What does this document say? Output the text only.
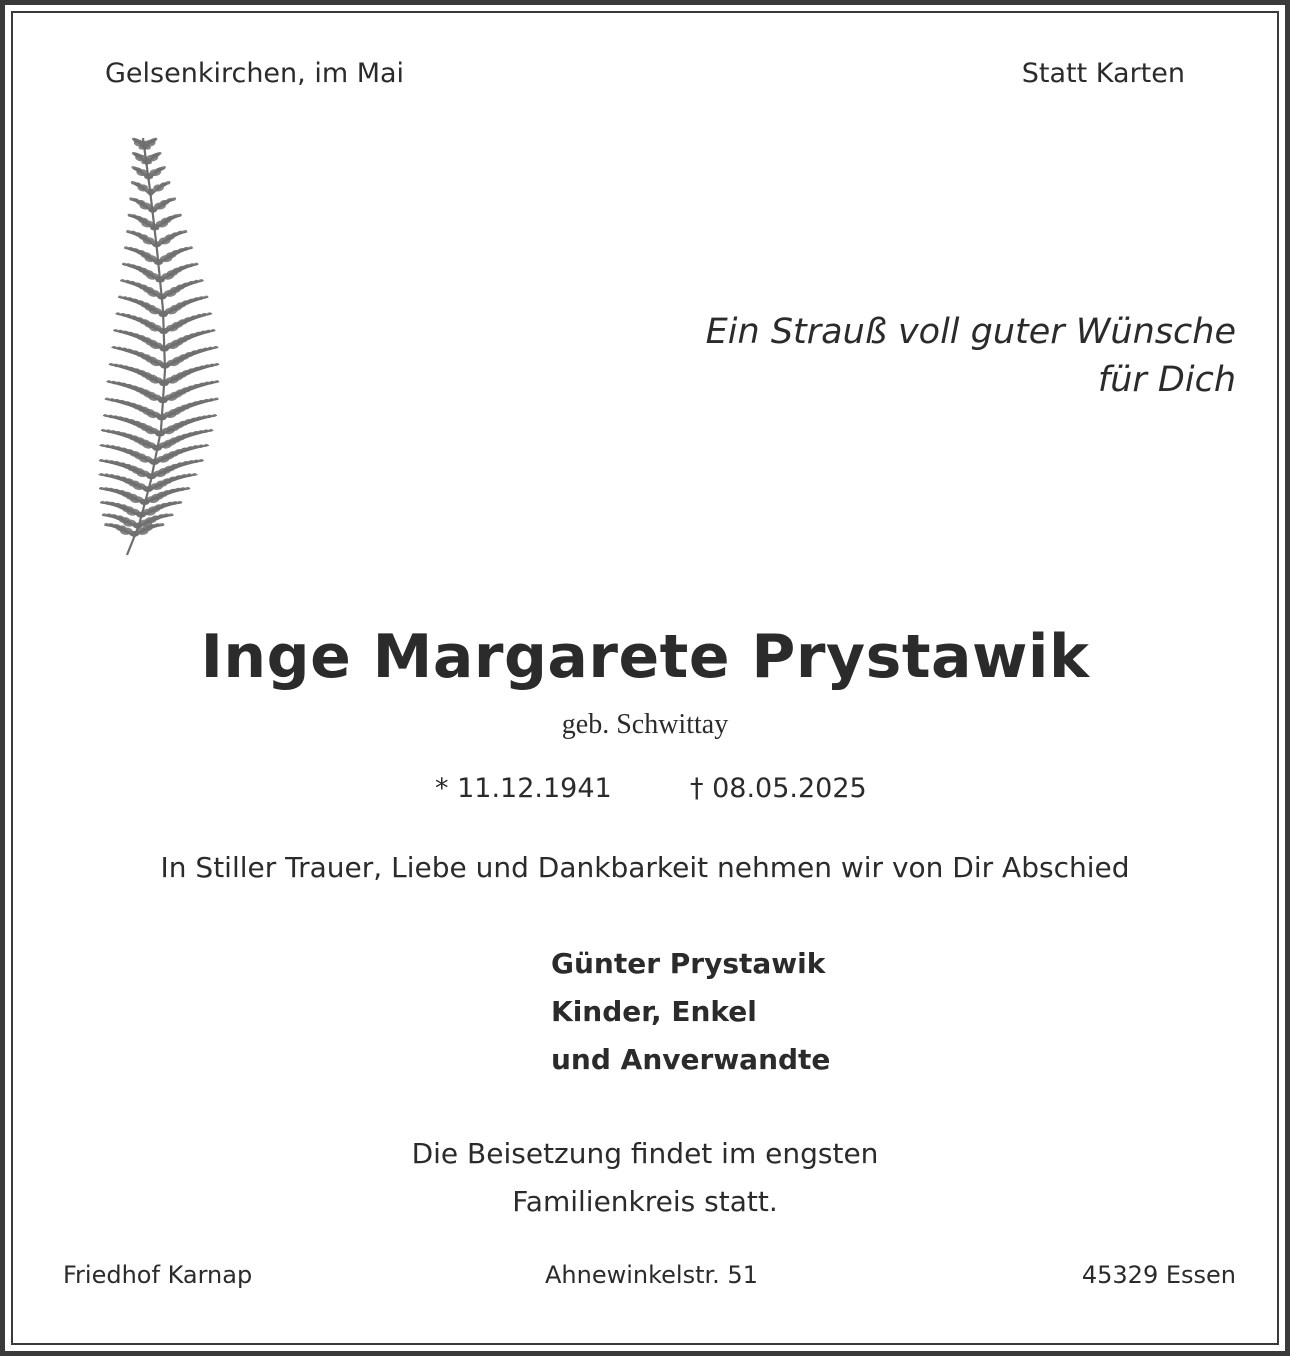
Gelsenkirchen, im Mai	Statt Karten

Ein Strauß voll guter Wünsche
für Dich
Inge Margarete Prystawik

geb. Schwittay

* 11.12.1941	† 08.05.2025

In Stiller Trauer, Liebe und Dankbarkeit nehmen wir von Dir Abschied

Günter Prystawik
Kinder, Enkel
und Anverwandte
Die Beisetzung findet im engsten
Familienkreis statt.

Friedhof Karnap	Ahnewinkelstr. 51	45329 Essen
